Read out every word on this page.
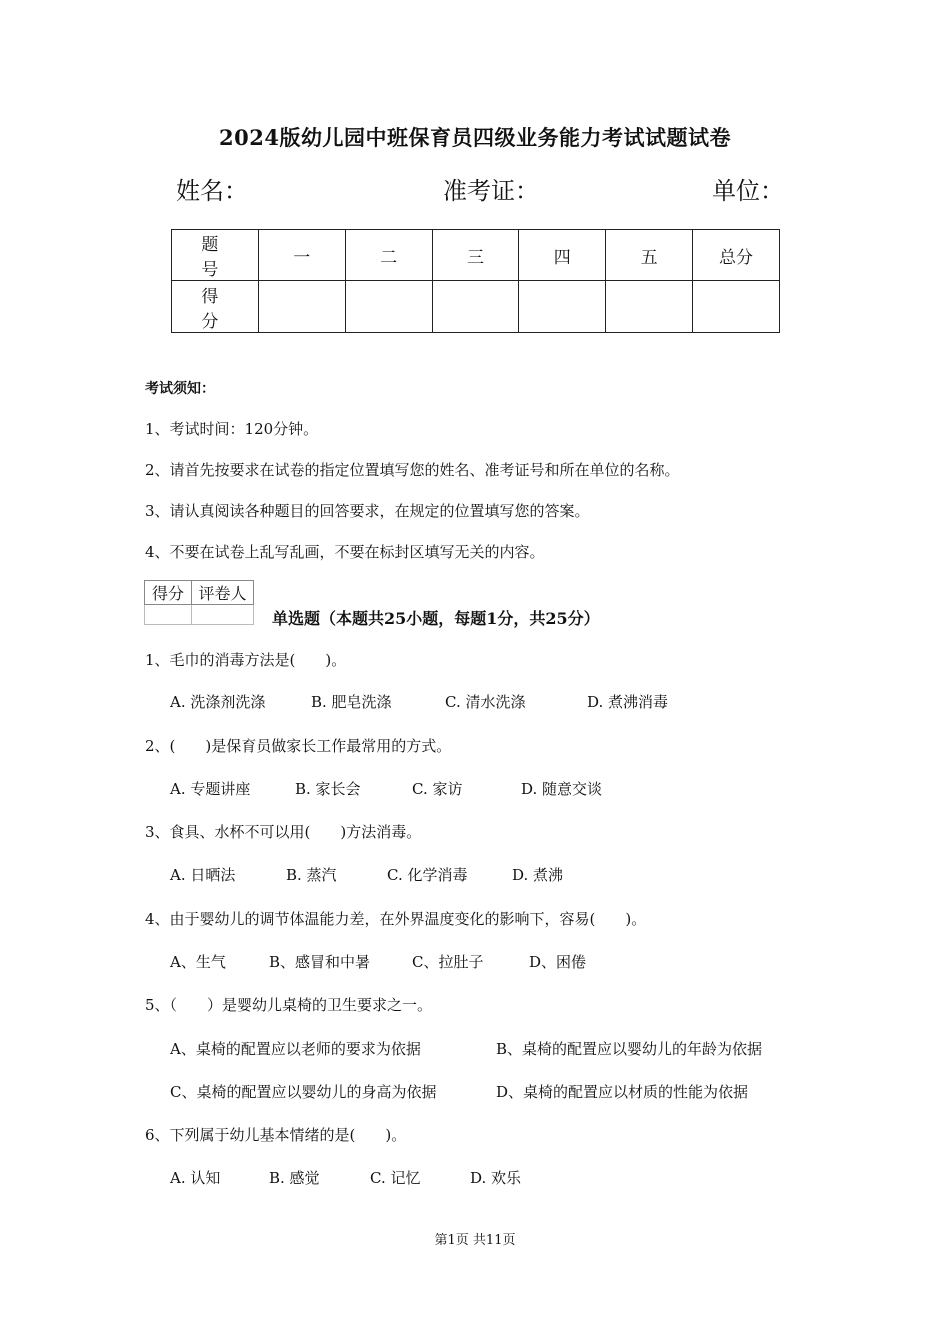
2024版幼儿园中班保育员四级业务能力考试试题试卷
姓名：	准考证：	单位：
题 号	一	二	三	四	五	总分
得 分						
考试须知：
1、考试时间：120分钟。
2、请首先按要求在试卷的指定位置填写您的姓名、准考证号和所在单位的名称。
3、请认真阅读各种题目的回答要求，在规定的位置填写您的答案。
4、不要在试卷上乱写乱画，不要在标封区填写无关的内容。
得分	评卷人

单选题（本题共25小题，每题1分，共25分）
1、毛巾的消毒方法是(　　)。
A. 洗涤剂洗涤	B. 肥皂洗涤	C. 清水洗涤	D. 煮沸消毒
2、(　　)是保育员做家长工作最常用的方式。
A. 专题讲座	B. 家长会	C. 家访	D. 随意交谈
3、食具、水杯不可以用(　　)方法消毒。
A. 日晒法	B. 蒸汽	C. 化学消毒	D. 煮沸
4、由于婴幼儿的调节体温能力差，在外界温度变化的影响下，容易(　　)。
A、生气	B、感冒和中暑	C、拉肚子	D、困倦
5、（　　）是婴幼儿桌椅的卫生要求之一。
A、桌椅的配置应以老师的要求为依据	B、桌椅的配置应以婴幼儿的年龄为依据
C、桌椅的配置应以婴幼儿的身高为依据	D、桌椅的配置应以材质的性能为依据
6、下列属于幼儿基本情绪的是(　　)。
A. 认知	B. 感觉	C. 记忆	D. 欢乐
第1页 共11页
